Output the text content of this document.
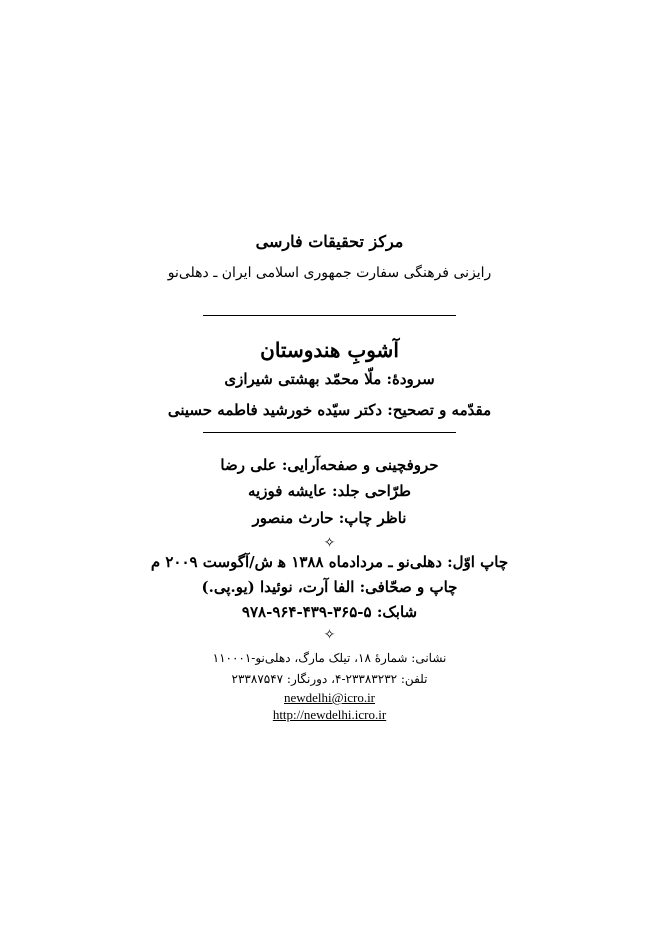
مرکز تحقیقات فارسی
رایزنی فرهنگی سفارت جمهوری اسلامی ایران ـ دهلی‌نو
آشوبِ هندوستان
سرودهٔ: ملّا محمّد بهشتی شیرازی
مقدّمه و تصحیح: دکتر سیّده خورشید فاطمه حسینی
حروفچینی و صفحه‌آرایی: علی رضا
طرّاحی جلد: عایشه فوزیه
ناظر چاپ: حارث منصور
✧
چاپ اوّل: دهلی‌نو ـ مردادماه ۱۳۸۸ ﻫ ش/آگوست ۲۰۰۹ م
چاپ و صحّافی: الفا آرت، نوئیدا (یو.پی.)
شابک: ۵-۳۶۵-۴۳۹-۹۶۴-۹۷۸
✧
نشانی: شمارهٔ ۱۸، تیلک مارگ، دهلی‌نو-۱۱۰۰۰۱
تلفن: ۲۳۳۸۳۲۳۲-۴، دورنگار: ۲۳۳۸۷۵۴۷
newdelhi@icro.ir
http://newdelhi.icro.ir
